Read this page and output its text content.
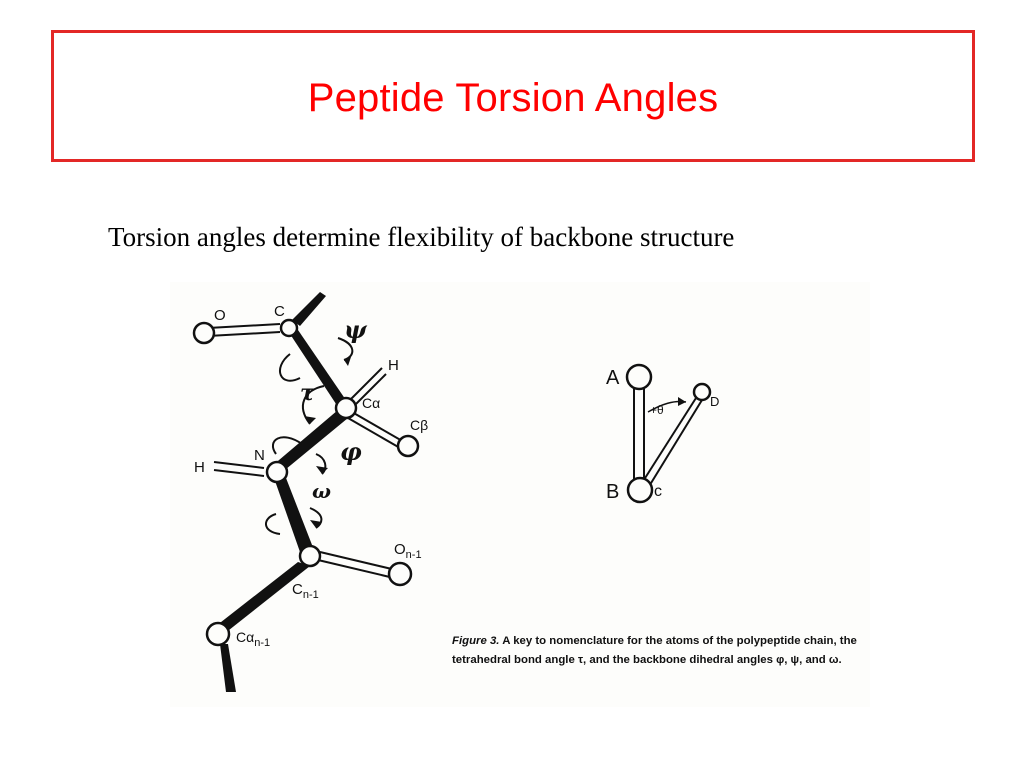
Peptide Torsion Angles
Torsion angles determine flexibility of backbone structure
O	C
H
Cα
Cβ
N
H
$O_{n-1}$
$C_{n-1}$
$C\alpha_{n-1}$
ψ
τ
φ
ω
A
B c
D
+θ
Figure 3. A key to nomenclature for the atoms of the polypeptide chain, the tetrahedral bond angle τ, and the backbone dihedral angles φ, ψ, and ω.
